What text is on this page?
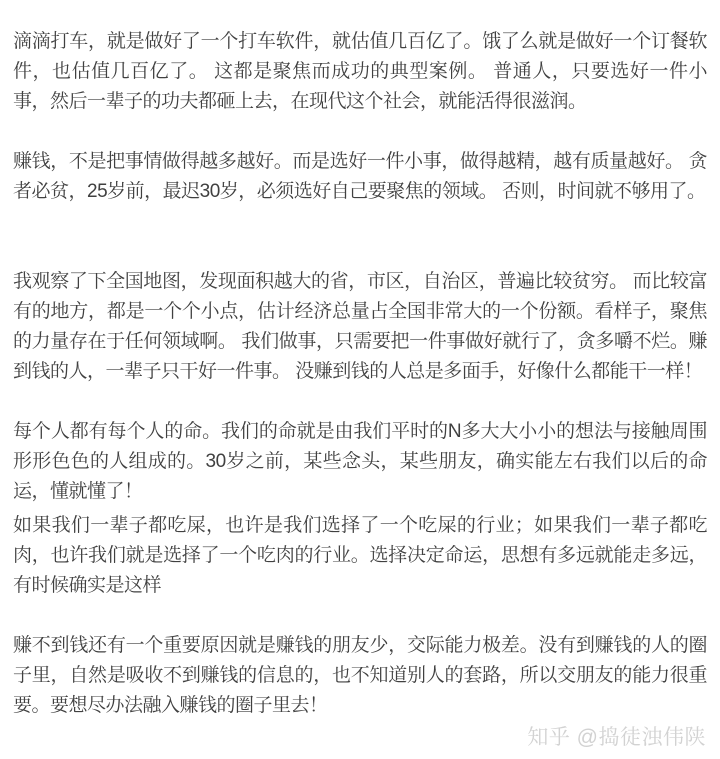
滴滴打车，就是做好了一个打车软件，就估值几百亿了。饿了么就是做好一个订餐软件，也估值几百亿了。 这都是聚焦而成功的典型案例。 普通人，只要选好一件小事，然后一辈子的功夫都砸上去，在现代这个社会，就能活得很滋润。

赚钱，不是把事情做得越多越好。而是选好一件小事，做得越精，越有质量越好。 贪者必贫，25岁前，最迟30岁，必须选好自己要聚焦的领域。 否则，时间就不够用了。

我观察了下全国地图，发现面积越大的省，市区，自治区，普遍比较贫穷。 而比较富有的地方，都是一个个小点，估计经济总量占全国非常大的一个份额。看样子，聚焦的力量存在于任何领域啊。 我们做事，只需要把一件事做好就行了，贪多嚼不烂。赚到钱的人，一辈子只干好一件事。 没赚到钱的人总是多面手，好像什么都能干一样！

每个人都有每个人的命。我们的命就是由我们平时的N多大大小小的想法与接触周围形形色色的人组成的。30岁之前，某些念头，某些朋友，确实能左右我们以后的命运，懂就懂了！

如果我们一辈子都吃屎，也许是我们选择了一个吃屎的行业；如果我们一辈子都吃肉，也许我们就是选择了一个吃肉的行业。选择决定命运，思想有多远就能走多远，有时候确实是这样

赚不到钱还有一个重要原因就是赚钱的朋友少，交际能力极差。没有到赚钱的人的圈子里，自然是吸收不到赚钱的信息的，也不知道别人的套路，所以交朋友的能力很重要。要想尽办法融入赚钱的圈子里去！

知乎 @捣徒浊伟陕
